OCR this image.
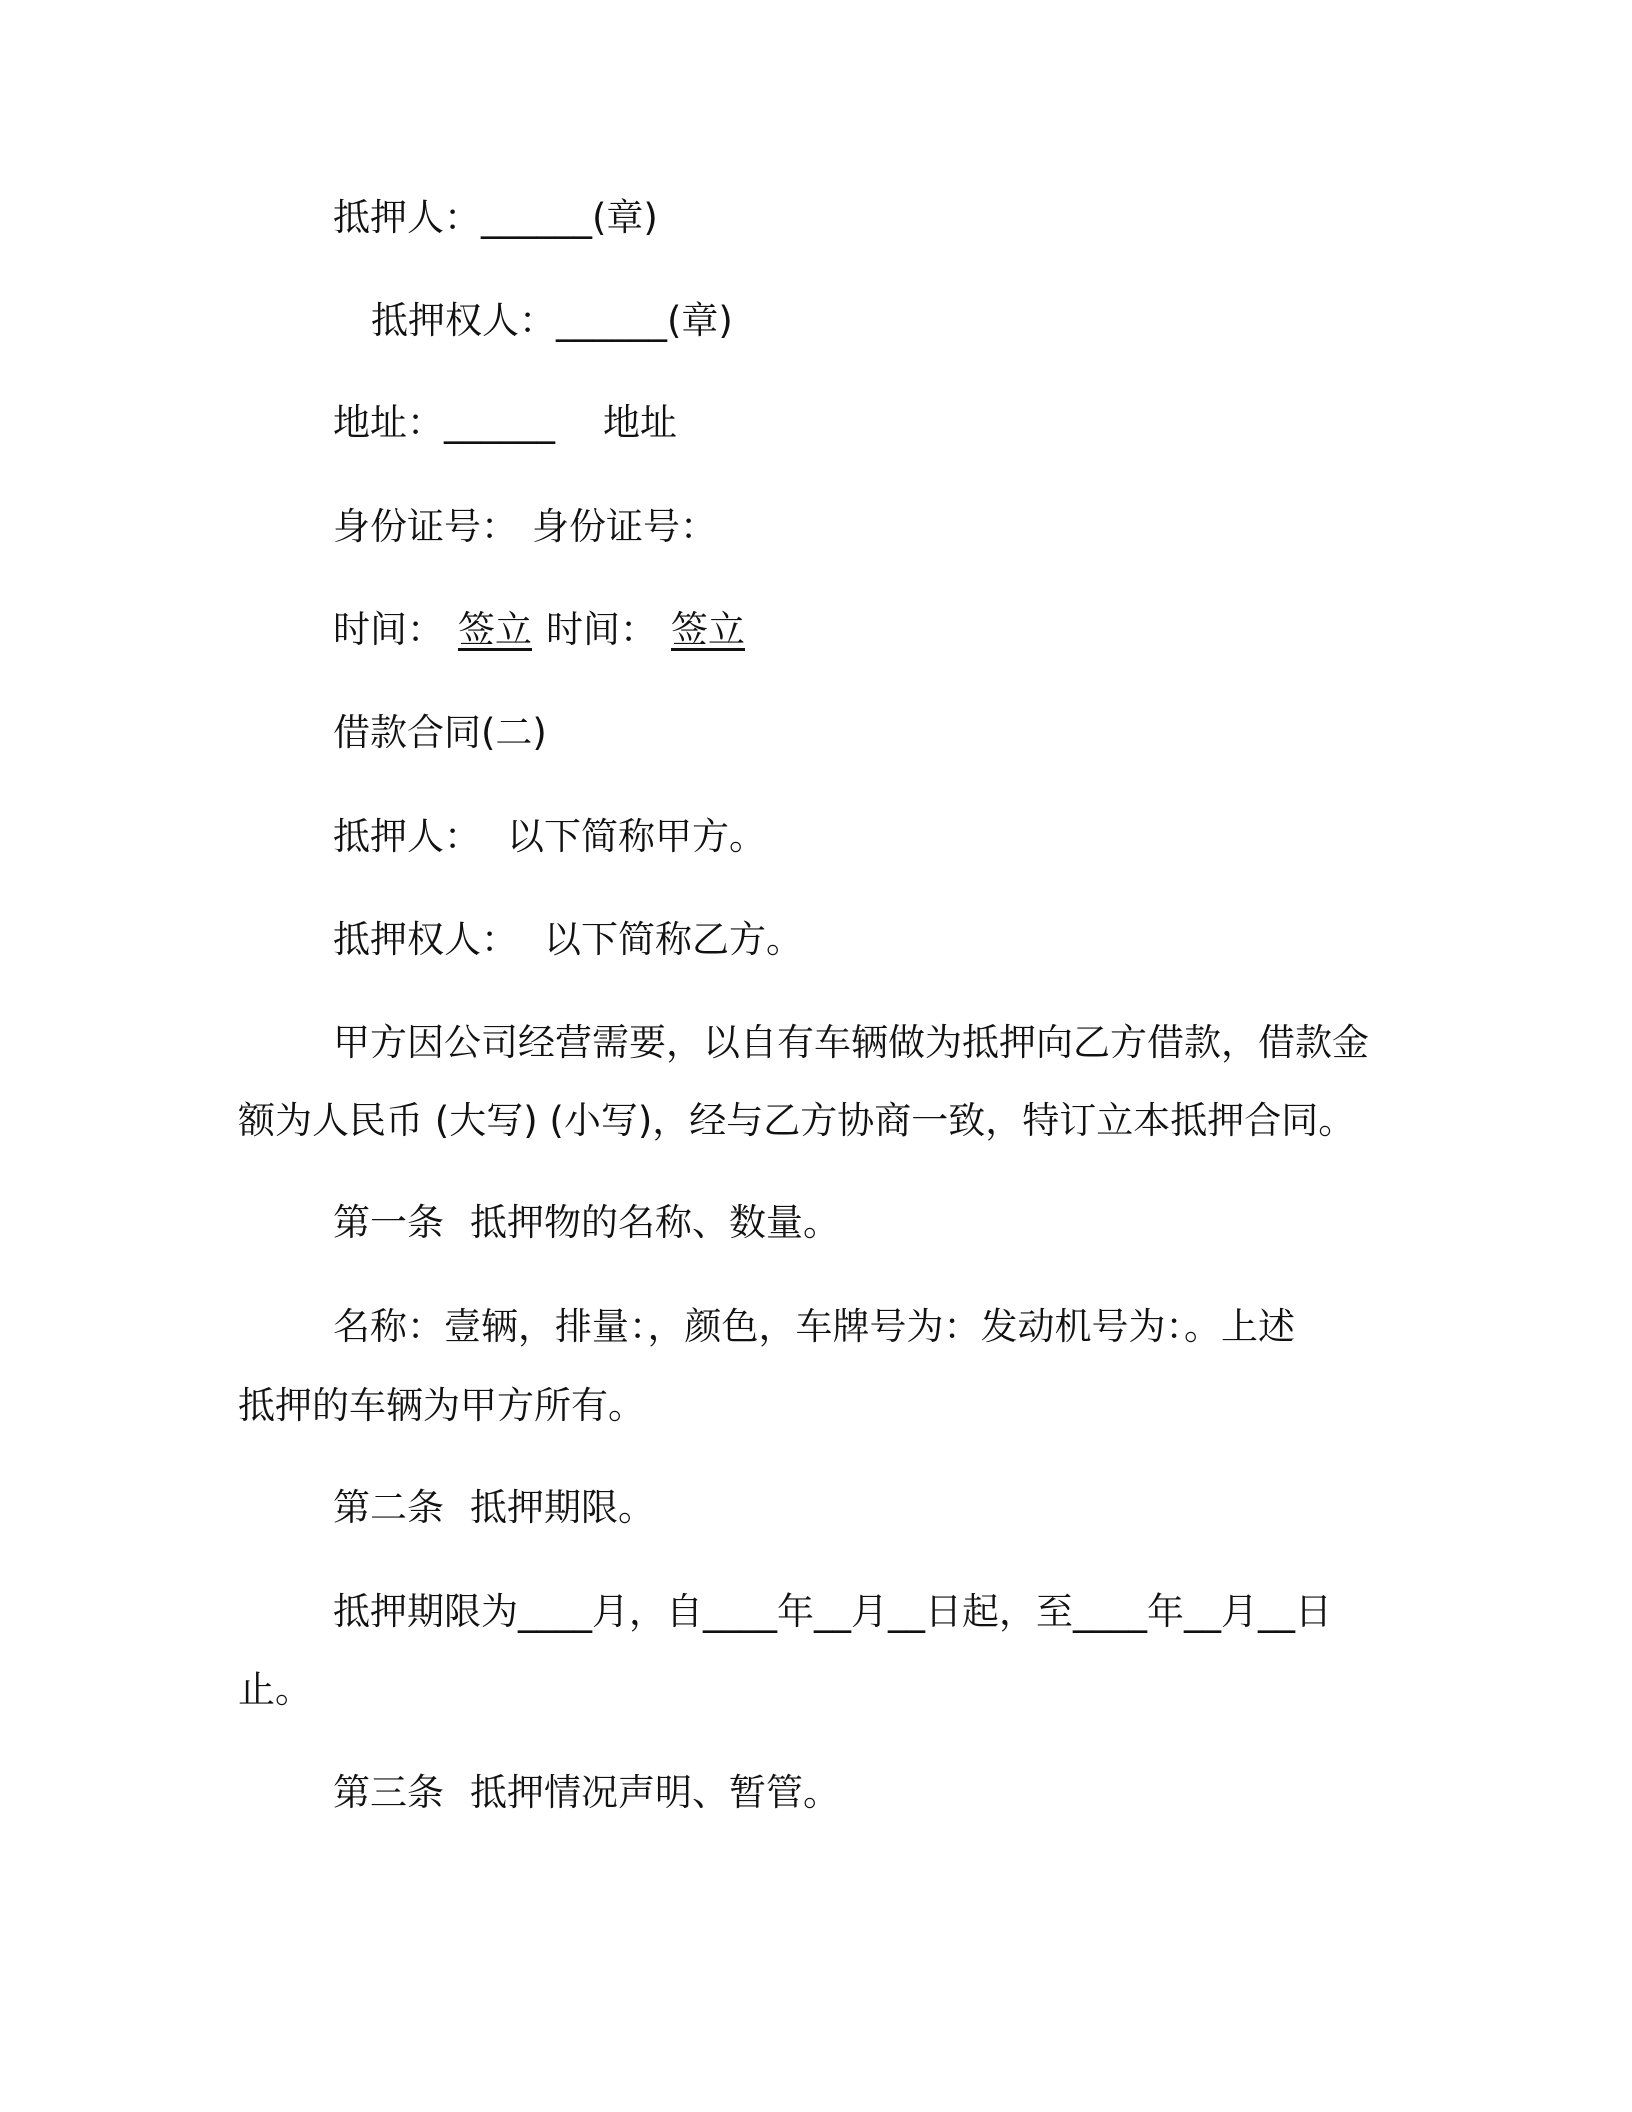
抵押人：______(章)
抵押权人：______(章)
地址：______ 地址
身份证号： 身份证号：
时间： 签立 时间： 签立
借款合同(二)
抵押人： 以下简称甲方。
抵押权人： 以下简称乙方。
甲方因公司经营需要，以自有车辆做为抵押向乙方借款，借款金
额为人民币 (大写) (小写)，经与乙方协商一致，特订立本抵押合同。
第一条 抵押物的名称、数量。
名称：壹辆，排量：，颜色，车牌号为：发动机号为：。上述
抵押的车辆为甲方所有。
第二条 抵押期限。
抵押期限为____月，自____年__月__日起，至____年__月__日
止。
第三条 抵押情况声明、暂管。
